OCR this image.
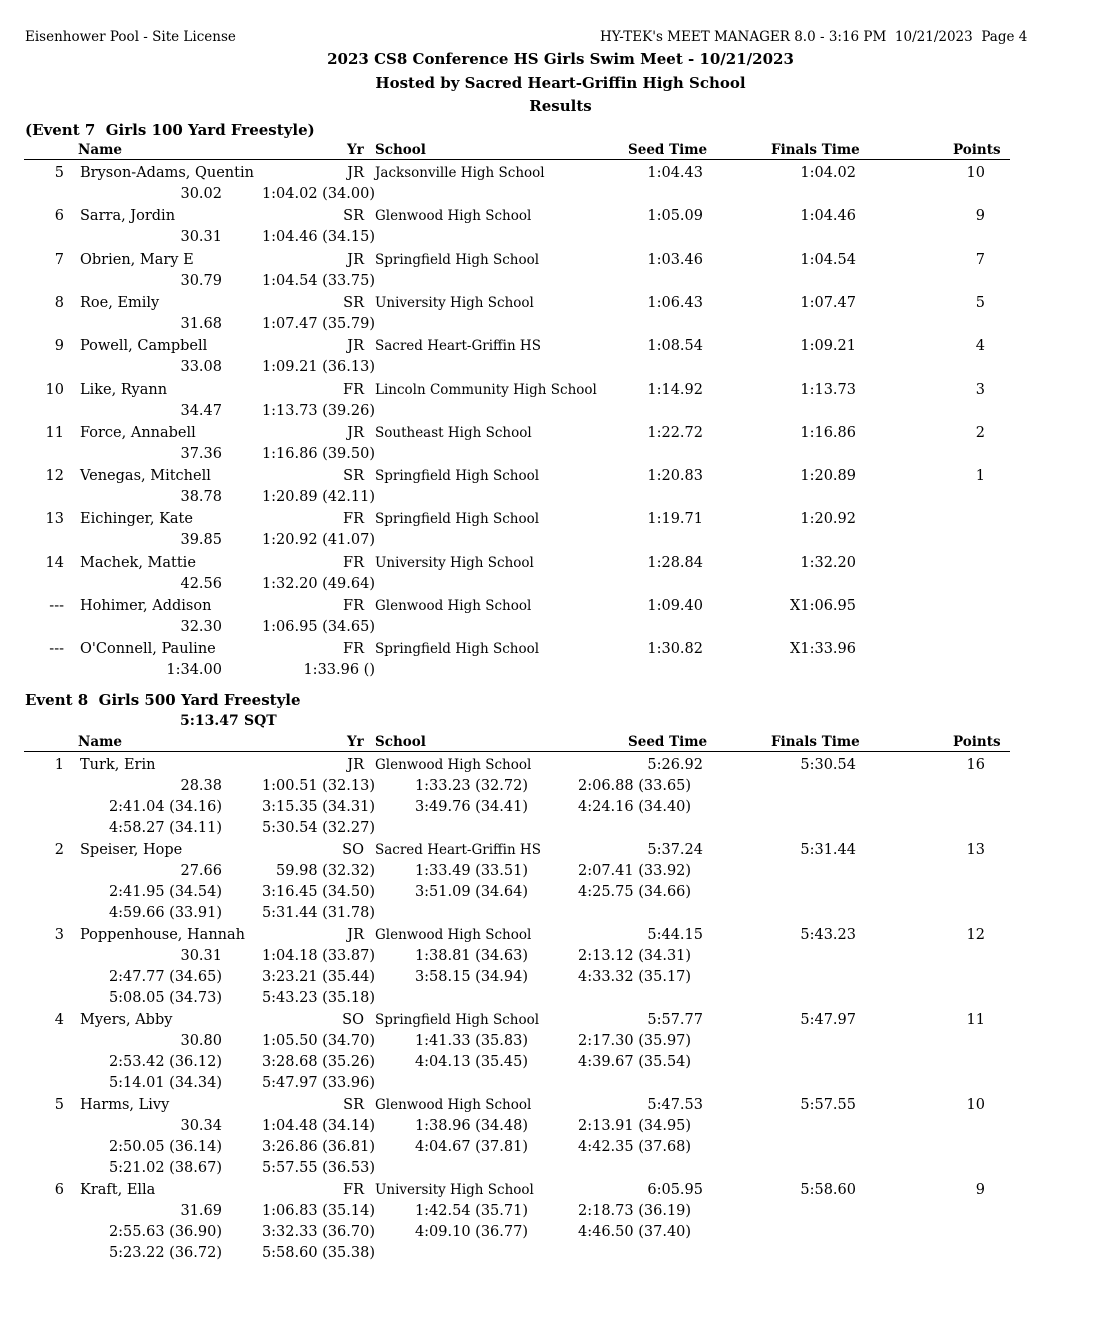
Eisenhower Pool - Site License	HY-TEK's MEET MANAGER 8.0 - 3:16 PM  10/21/2023  Page 4
2023 CS8 Conference HS Girls Swim Meet - 10/21/2023
Hosted by Sacred Heart-Griffin High School
Results
(Event 7  Girls 100 Yard Freestyle)
Name	Yr School	Seed Time	Finals Time	Points
5 Bryson-Adams, Quentin	JR Jacksonville High School	1:04.43	1:04.02	10
30.02	1:04.02 (34.00)
6 Sarra, Jordin	SR Glenwood High School	1:05.09	1:04.46	9
30.31	1:04.46 (34.15)
7 Obrien, Mary E	JR Springfield High School	1:03.46	1:04.54	7
30.79	1:04.54 (33.75)
8 Roe, Emily	SR University High School	1:06.43	1:07.47	5
31.68	1:07.47 (35.79)
9 Powell, Campbell	JR Sacred Heart-Griffin HS	1:08.54	1:09.21	4
33.08	1:09.21 (36.13)
10 Like, Ryann	FR Lincoln Community High School	1:14.92	1:13.73	3
34.47	1:13.73 (39.26)
11 Force, Annabell	JR Southeast High School	1:22.72	1:16.86	2
37.36	1:16.86 (39.50)
12 Venegas, Mitchell	SR Springfield High School	1:20.83	1:20.89	1
38.78	1:20.89 (42.11)
13 Eichinger, Kate	FR Springfield High School	1:19.71	1:20.92
39.85	1:20.92 (41.07)
14 Machek, Mattie	FR University High School	1:28.84	1:32.20
42.56	1:32.20 (49.64)
--- Hohimer, Addison	FR Glenwood High School	1:09.40	X1:06.95
32.30	1:06.95 (34.65)
--- O'Connell, Pauline	FR Springfield High School	1:30.82	X1:33.96
1:34.00	1:33.96 ()
Event 8  Girls 500 Yard Freestyle
5:13.47 SQT
Name	Yr School	Seed Time	Finals Time	Points
1 Turk, Erin	JR Glenwood High School	5:26.92	5:30.54	16
28.38	1:00.51 (32.13)	1:33.23 (32.72)	2:06.88 (33.65)
2:41.04 (34.16)	3:15.35 (34.31)	3:49.76 (34.41)	4:24.16 (34.40)
4:58.27 (34.11)	5:30.54 (32.27)
2 Speiser, Hope	SO Sacred Heart-Griffin HS	5:37.24	5:31.44	13
27.66	59.98 (32.32)	1:33.49 (33.51)	2:07.41 (33.92)
2:41.95 (34.54)	3:16.45 (34.50)	3:51.09 (34.64)	4:25.75 (34.66)
4:59.66 (33.91)	5:31.44 (31.78)
3 Poppenhouse, Hannah	JR Glenwood High School	5:44.15	5:43.23	12
30.31	1:04.18 (33.87)	1:38.81 (34.63)	2:13.12 (34.31)
2:47.77 (34.65)	3:23.21 (35.44)	3:58.15 (34.94)	4:33.32 (35.17)
5:08.05 (34.73)	5:43.23 (35.18)
4 Myers, Abby	SO Springfield High School	5:57.77	5:47.97	11
30.80	1:05.50 (34.70)	1:41.33 (35.83)	2:17.30 (35.97)
2:53.42 (36.12)	3:28.68 (35.26)	4:04.13 (35.45)	4:39.67 (35.54)
5:14.01 (34.34)	5:47.97 (33.96)
5 Harms, Livy	SR Glenwood High School	5:47.53	5:57.55	10
30.34	1:04.48 (34.14)	1:38.96 (34.48)	2:13.91 (34.95)
2:50.05 (36.14)	3:26.86 (36.81)	4:04.67 (37.81)	4:42.35 (37.68)
5:21.02 (38.67)	5:57.55 (36.53)
6 Kraft, Ella	FR University High School	6:05.95	5:58.60	9
31.69	1:06.83 (35.14)	1:42.54 (35.71)	2:18.73 (36.19)
2:55.63 (36.90)	3:32.33 (36.70)	4:09.10 (36.77)	4:46.50 (37.40)
5:23.22 (36.72)	5:58.60 (35.38)
